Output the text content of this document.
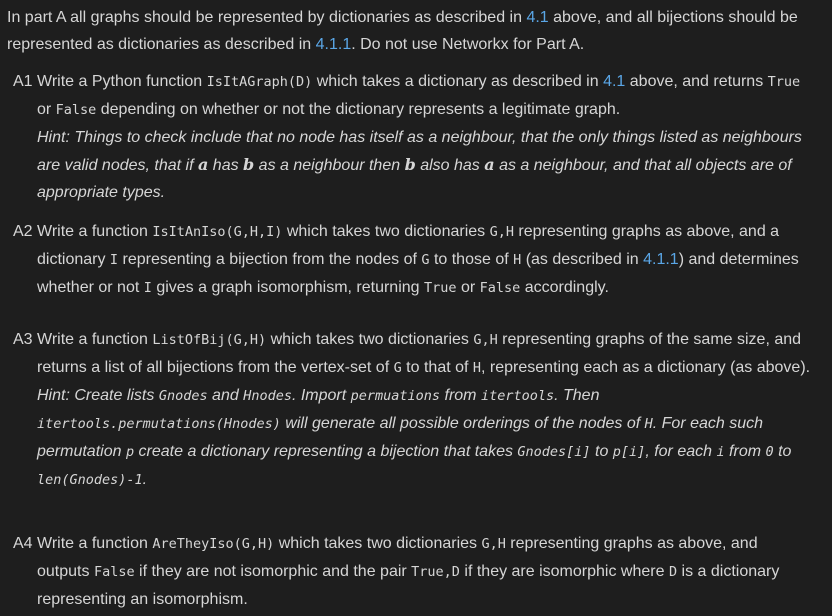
In part A all graphs should be represented by dictionaries as described in 4.1 above, and all bijections should be represented as dictionaries as described in 4.1.1. Do not use Networkx for Part A.

A1 Write a Python function IsItAGraph(D) which takes a dictionary as described in 4.1 above, and returns True or False depending on whether or not the dictionary represents a legitimate graph.

Hint: Things to check include that no node has itself as a neighbour, that the only things listed as neighbours are valid nodes, that if a has b as a neighbour then b also has a as a neighbour, and that all objects are of appropriate types.

A2 Write a function IsItAnIso(G,H,I) which takes two dictionaries G,H representing graphs as above, and a dictionary I representing a bijection from the nodes of G to those of H (as described in 4.1.1) and determines whether or not I gives a graph isomorphism, returning True or False accordingly.

A3 Write a function ListOfBij(G,H) which takes two dictionaries G,H representing graphs of the same size, and returns a list of all bijections from the vertex-set of G to that of H, representing each as a dictionary (as above).

Hint: Create lists Gnodes and Hnodes. Import permuations from itertools. Then itertools.permutations(Hnodes) will generate all possible orderings of the nodes of H. For each such permutation p create a dictionary representing a bijection that takes Gnodes[i] to p[i], for each i from 0 to len(Gnodes)-1.

A4 Write a function AreTheyIso(G,H) which takes two dictionaries G,H representing graphs as above, and outputs False if they are not isomorphic and the pair True,D if they are isomorphic where D is a dictionary representing an isomorphism.
